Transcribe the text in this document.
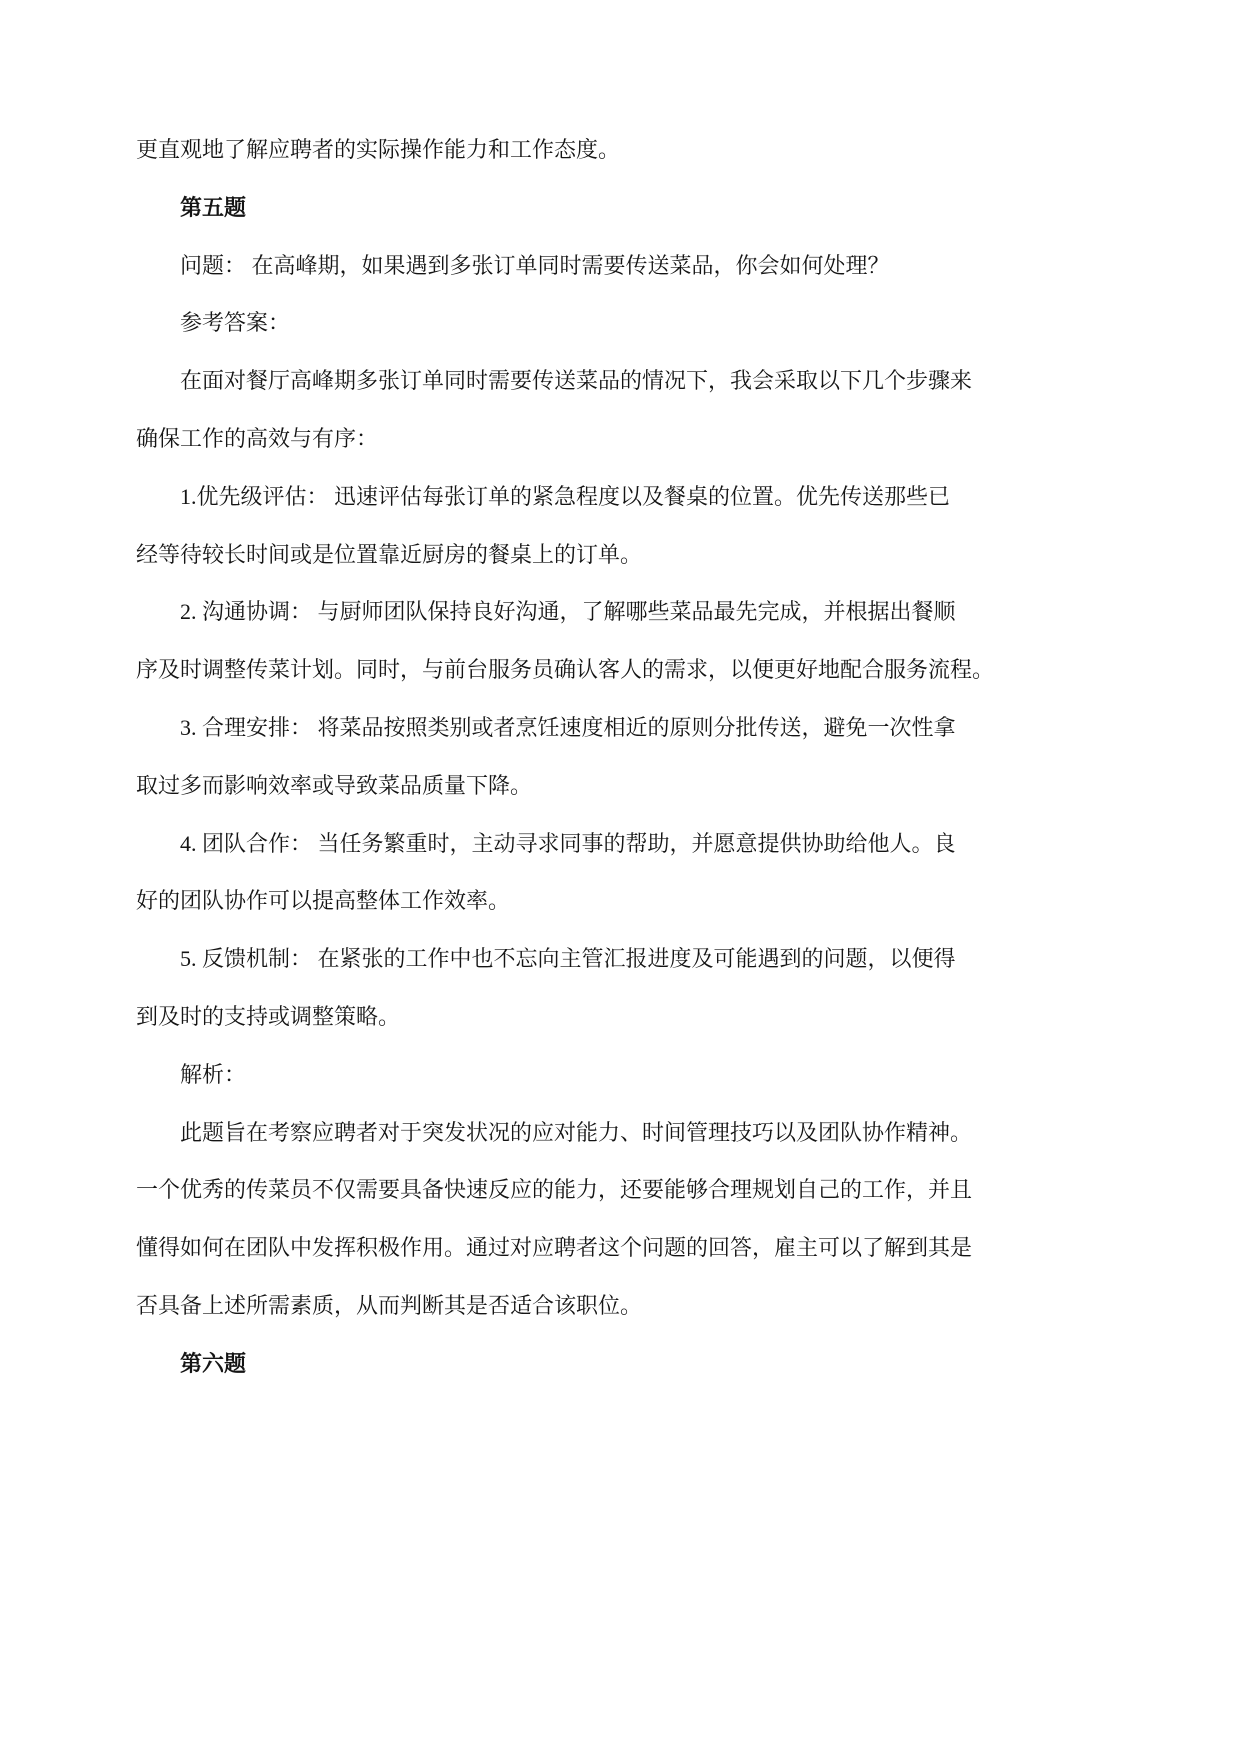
更直观地了解应聘者的实际操作能力和工作态度。
第五题
问题： 在高峰期，如果遇到多张订单同时需要传送菜品，你会如何处理？
参考答案：
在面对餐厅高峰期多张订单同时需要传送菜品的情况下，我会采取以下几个步骤来
确保工作的高效与有序：
1.优先级评估： 迅速评估每张订单的紧急程度以及餐桌的位置。优先传送那些已
经等待较长时间或是位置靠近厨房的餐桌上的订单。
2. 沟通协调： 与厨师团队保持良好沟通，了解哪些菜品最先完成，并根据出餐顺
序及时调整传菜计划。同时，与前台服务员确认客人的需求，以便更好地配合服务流程。
3. 合理安排： 将菜品按照类别或者烹饪速度相近的原则分批传送，避免一次性拿
取过多而影响效率或导致菜品质量下降。
4. 团队合作： 当任务繁重时，主动寻求同事的帮助，并愿意提供协助给他人。良
好的团队协作可以提高整体工作效率。
5. 反馈机制： 在紧张的工作中也不忘向主管汇报进度及可能遇到的问题，以便得
到及时的支持或调整策略。
解析：
此题旨在考察应聘者对于突发状况的应对能力、时间管理技巧以及团队协作精神。
一个优秀的传菜员不仅需要具备快速反应的能力，还要能够合理规划自己的工作，并且
懂得如何在团队中发挥积极作用。通过对应聘者这个问题的回答，雇主可以了解到其是
否具备上述所需素质，从而判断其是否适合该职位。
第六题
